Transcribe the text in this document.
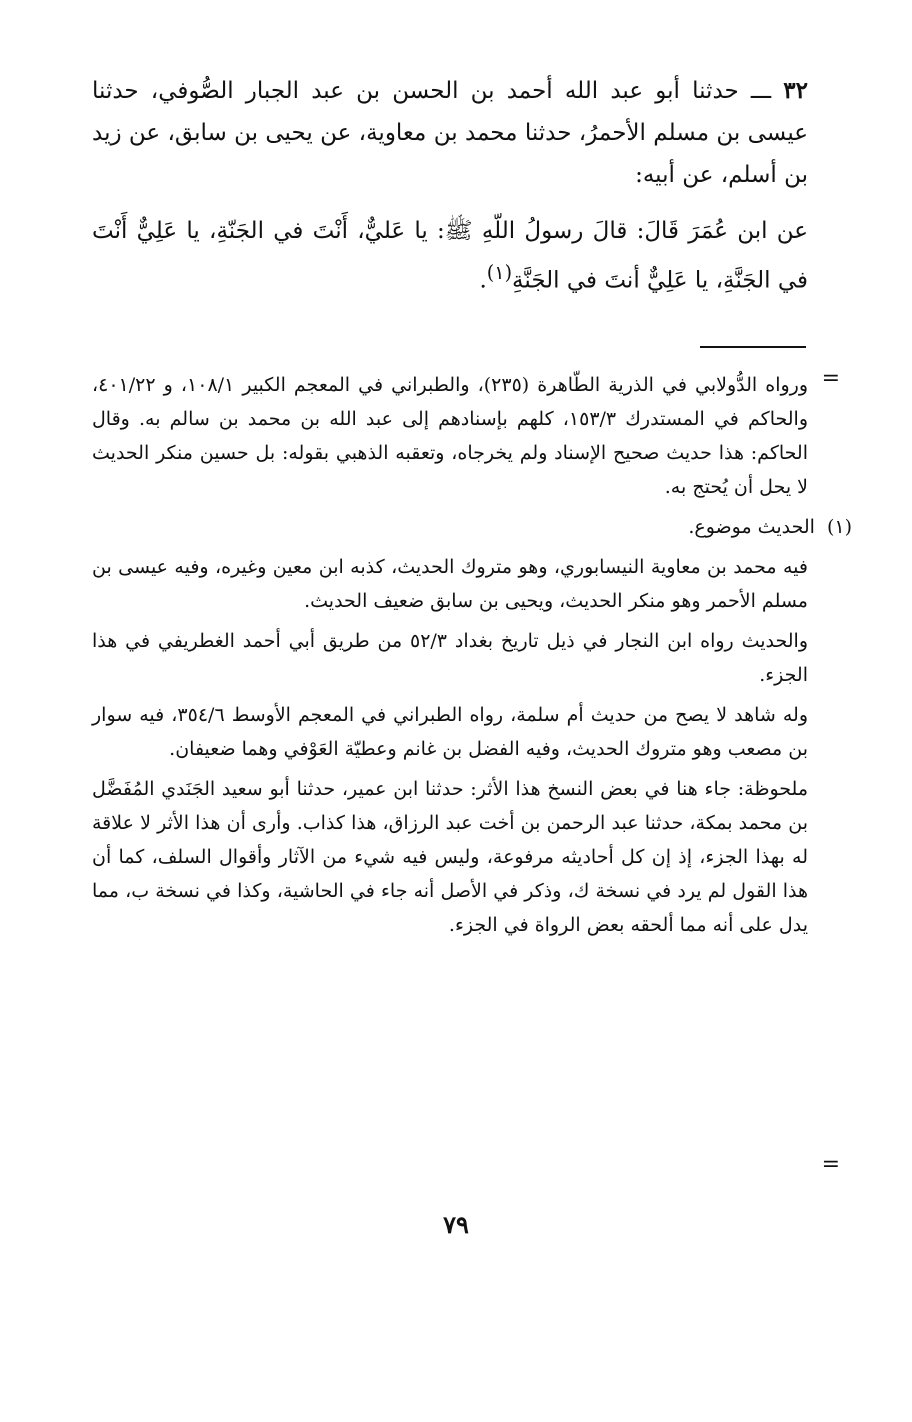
٣٢ ـــ حدثنا أبو عبد الله أحمد بن الحسن بن عبد الجبار الصُّوفي، حدثنا عيسى بن مسلم الأحمرُ، حدثنا محمد بن معاوية، عن يحيى بن سابق، عن زيد بن أسلم، عن أبيه:

عن ابن عُمَرَ قَالَ: قالَ رسولُ اللّهِ ﷺ: يا عَليٌّ، أَنْتَ في الجَنّةِ، يا عَلِيٌّ أَنْتَ في الجَنَّةِ، يا عَلِيٌّ أنتَ في الجَنَّةِ$^{(١)}$.

=
=

ورواه الدُّولابي في الذرية الطّاهرة (٢٣٥)، والطبراني في المعجم الكبير ١٠٨/١، و ٤٠١/٢٢، والحاكم في المستدرك ١٥٣/٣، كلهم بإسنادهم إلى عبد الله بن محمد بن سالم به. وقال الحاكم: هذا حديث صحيح الإسناد ولم يخرجاه، وتعقبه الذهبي بقوله: بل حسين منكر الحديث لا يحل أن يُحتج به.

(١)
الحديث موضوع.

فيه محمد بن معاوية النيسابوري، وهو متروك الحديث، كذبه ابن معين وغيره، وفيه عيسى بن مسلم الأحمر وهو منكر الحديث، ويحيى بن سابق ضعيف الحديث.

والحديث رواه ابن النجار في ذيل تاريخ بغداد ٥٢/٣ من طريق أبي أحمد الغطريفي في هذا الجزء.

وله شاهد لا يصح من حديث أم سلمة، رواه الطبراني في المعجم الأوسط ٣٥٤/٦، فيه سوار بن مصعب وهو متروك الحديث، وفيه الفضل بن غانم وعطيّة العَوْفي وهما ضعيفان.

ملحوظة: جاء هنا في بعض النسخ هذا الأثر: حدثنا ابن عمير، حدثنا أبو سعيد الجَنَدي المُفَضَّل بن محمد بمكة، حدثنا عبد الرحمن بن أخت عبد الرزاق، هذا كذاب. وأرى أن هذا الأثر لا علاقة له بهذا الجزء، إذ إن كل أحاديثه مرفوعة، وليس فيه شيء من الآثار وأقوال السلف، كما أن هذا القول لم يرد في نسخة ك، وذكر في الأصل أنه جاء في الحاشية، وكذا في نسخة ب، مما يدل على أنه مما ألحقه بعض الرواة في الجزء.

٧٩
